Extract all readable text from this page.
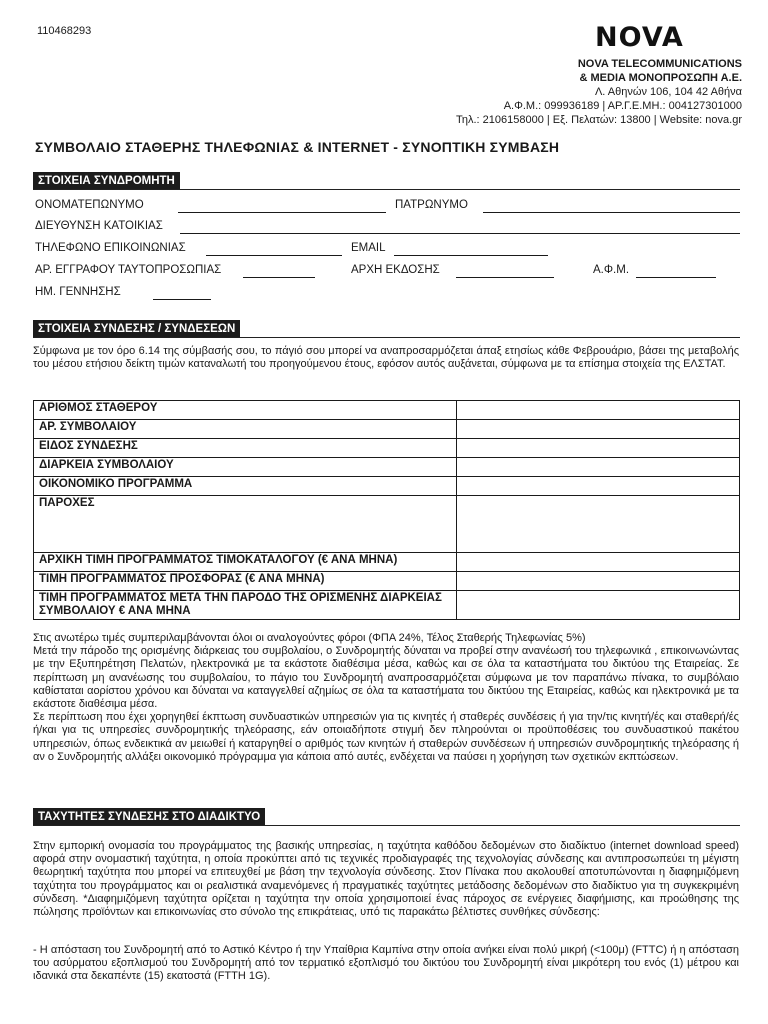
110468293	NOVA
NOVA TELECOMMUNICATIONS
& MEDIA ΜΟΝΟΠΡΟΣΩΠΗ Α.Ε.
Λ. Αθηνών 106, 104 42 Αθήνα
Α.Φ.Μ.: 099936189 | ΑΡ.Γ.Ε.ΜΗ.: 004127301000
Τηλ.: 2106158000 | Εξ. Πελατών: 13800 | Website: nova.gr
ΣΥΜΒΟΛΑΙΟ ΣΤΑΘΕΡΗΣ ΤΗΛΕΦΩΝΙΑΣ & INTERNET - ΣΥΝΟΠΤΙΚΗ ΣΥΜΒΑΣΗ
ΣΤΟΙΧΕΙΑ ΣΥΝΔΡΟΜΗΤΗ
ΟΝΟΜΑΤΕΠΩΝΥΜΟ	ΠΑΤΡΩΝΥΜΟ
ΔΙΕΥΘΥΝΣΗ ΚΑΤΟΙΚΙΑΣ
ΤΗΛΕΦΩΝΟ ΕΠΙΚΟΙΝΩΝΙΑΣ	EMAIL
ΑΡ. ΕΓΓΡΑΦΟΥ ΤΑΥΤΟΠΡΟΣΩΠΙΑΣ	ΑΡΧΗ ΕΚΔΟΣΗΣ	Α.Φ.Μ.
ΗΜ. ΓΕΝΝΗΣΗΣ
ΣΤΟΙΧΕΙΑ ΣΥΝΔΕΣΗΣ / ΣΥΝΔΕΣΕΩΝ
Σύμφωνα με τον όρο 6.14 της σύμβασής σου, το πάγιό σου μπορεί να αναπροσαρμόζεται άπαξ ετησίως κάθε Φεβρουάριο, βάσει της μεταβολής του μέσου ετήσιου δείκτη τιμών καταναλωτή του προηγούμενου έτους, εφόσον αυτός αυξάνεται, σύμφωνα με τα επίσημα στοιχεία της ΕΛΣΤΑΤ.
ΑΡΙΘΜΟΣ ΣΤΑΘΕΡΟΥ	
ΑΡ. ΣΥΜΒΟΛΑΙΟΥ	
ΕΙΔΟΣ ΣΥΝΔΕΣΗΣ	
ΔΙΑΡΚΕΙΑ ΣΥΜΒΟΛΑΙΟΥ	
ΟΙΚΟΝΟΜΙΚΟ ΠΡΟΓΡΑΜΜΑ	
ΠΑΡΟΧΕΣ	
ΑΡΧΙΚΗ ΤΙΜΗ ΠΡΟΓΡΑΜΜΑΤΟΣ ΤΙΜΟΚΑΤΑΛΟΓΟΥ (€ ΑΝΑ ΜΗΝΑ)	
ΤΙΜΗ ΠΡΟΓΡΑΜΜΑΤΟΣ ΠΡΟΣΦΟΡΑΣ (€ ΑΝΑ ΜΗΝΑ)	
ΤΙΜΗ ΠΡΟΓΡΑΜΜΑΤΟΣ ΜΕΤΑ ΤΗΝ ΠΑΡΟΔΟ ΤΗΣ ΟΡΙΣΜΕΝΗΣ ΔΙΑΡΚΕΙΑΣ ΣΥΜΒΟΛΑΙΟΥ € ΑΝΑ ΜΗΝΑ	
Στις ανωτέρω τιμές συμπεριλαμβάνονται όλοι οι αναλογούντες φόροι (ΦΠΑ 24%, Τέλος Σταθερής Τηλεφωνίας 5%)
Μετά την πάροδο της ορισμένης διάρκειας του συμβολαίου, ο Συνδρομητής δύναται να προβεί στην ανανέωσή του τηλεφωνικά , επικοινωνώντας με την Εξυπηρέτηση Πελατών, ηλεκτρονικά με τα εκάστοτε διαθέσιμα μέσα, καθώς και σε όλα τα καταστήματα του δικτύου της Εταιρείας. Σε περίπτωση μη ανανέωσης του συμβολαίου, το πάγιο του Συνδρομητή αναπροσαρμόζεται σύμφωνα με τον παραπάνω πίνακα, το συμβόλαιο καθίσταται αορίστου χρόνου και δύναται να καταγγελθεί αζημίως σε όλα τα καταστήματα του δικτύου της Εταιρείας, καθώς και ηλεκτρονικά με τα εκάστοτε διαθέσιμα μέσα.
Σε περίπτωση που έχει χορηγηθεί έκπτωση συνδυαστικών υπηρεσιών για τις κινητές ή σταθερές συνδέσεις ή για την/τις κινητή/ές και σταθερή/ές ή/και για τις υπηρεσίες συνδρομητικής τηλεόρασης, εάν οποιαδήποτε στιγμή δεν πληρούνται οι προϋποθέσεις του συνδυαστικού πακέτου υπηρεσιών, όπως ενδεικτικά αν μειωθεί ή καταργηθεί ο αριθμός των κινητών ή σταθερών συνδέσεων ή υπηρεσιών συνδρομητικής τηλεόρασης ή αν ο Συνδρομητής αλλάξει οικονομικό πρόγραμμα για κάποια από αυτές, ενδέχεται να παύσει η χορήγηση των σχετικών εκπτώσεων.
ΤΑΧΥΤΗΤΕΣ ΣΥΝΔΕΣΗΣ ΣΤΟ ΔΙΑΔΙΚΤΥΟ
Στην εμπορική ονομασία του προγράμματος της βασικής υπηρεσίας, η ταχύτητα καθόδου δεδομένων στο διαδίκτυο (internet download speed) αφορά στην ονομαστική ταχύτητα, η οποία προκύπτει από τις τεχνικές προδιαγραφές της τεχνολογίας σύνδεσης και αντιπροσωπεύει τη μέγιστη θεωρητική ταχύτητα που μπορεί να επιτευχθεί με βάση την τεχνολογία σύνδεσης. Στον Πίνακα που ακολουθεί αποτυπώνονται η διαφημιζόμενη ταχύτητα του προγράμματος και οι ρεαλιστικά αναμενόμενες ή πραγματικές ταχύτητες μετάδοσης δεδομένων στο διαδίκτυο για τη συγκεκριμένη σύνδεση. *Διαφημιζόμενη ταχύτητα ορίζεται η ταχύτητα την οποία χρησιμοποιεί ένας πάροχος σε ενέργειες διαφήμισης, και προώθησης της πώλησης προϊόντων και επικοινωνίας στο σύνολο της επικράτειας, υπό τις παρακάτω βέλτιστες συνθήκες σύνδεσης:
- Η απόσταση του Συνδρομητή από το Αστικό Κέντρο ή την Υπαίθρια Καμπίνα στην οποία ανήκει είναι πολύ μικρή (<100μ) (FTTC) ή η απόσταση του ασύρματου εξοπλισμού του Συνδρομητή από τον τερματικό εξοπλισμό του δικτύου του Συνδρομητή είναι μικρότερη του ενός (1) μέτρου και ιδανικά στα δεκαπέντε (15) εκατοστά (FTTH 1G).
